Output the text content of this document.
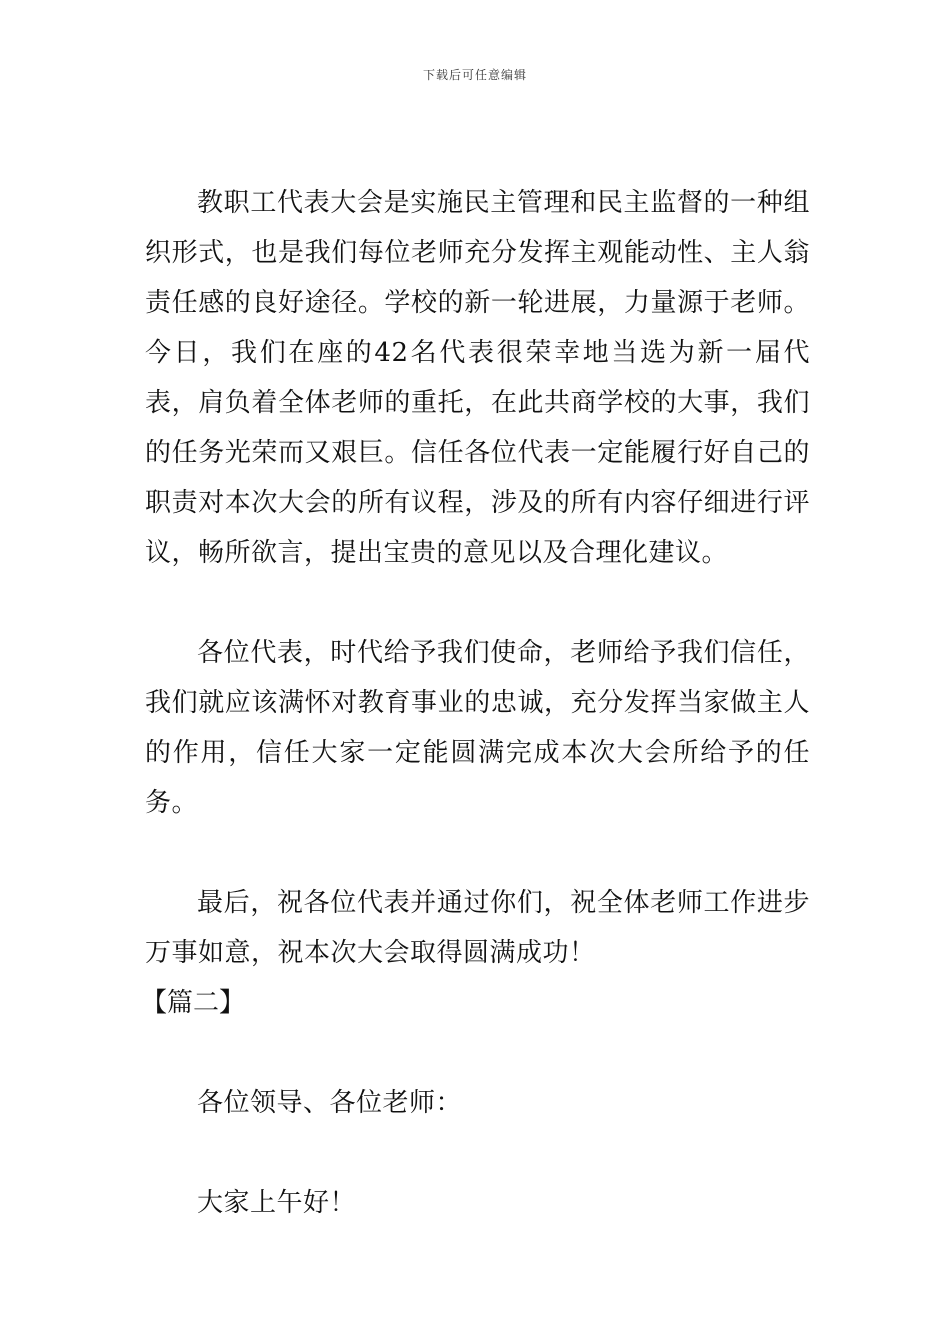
下载后可任意编辑

教职工代表大会是实施民主管理和民主监督的一种组织形式，也是我们每位老师充分发挥主观能动性、主人翁责任感的良好途径。学校的新一轮进展，力量源于老师。今日，我们在座的42名代表很荣幸地当选为新一届代表，肩负着全体老师的重托，在此共商学校的大事，我们的任务光荣而又艰巨。信任各位代表一定能履行好自己的职责对本次大会的所有议程，涉及的所有内容仔细进行评议，畅所欲言，提出宝贵的意见以及合理化建议。

各位代表，时代给予我们使命，老师给予我们信任，我们就应该满怀对教育事业的忠诚，充分发挥当家做主人的作用，信任大家一定能圆满完成本次大会所给予的任务。

最后，祝各位代表并通过你们，祝全体老师工作进步万事如意，祝本次大会取得圆满成功！

【篇二】

各位领导、各位老师：

大家上午好！
